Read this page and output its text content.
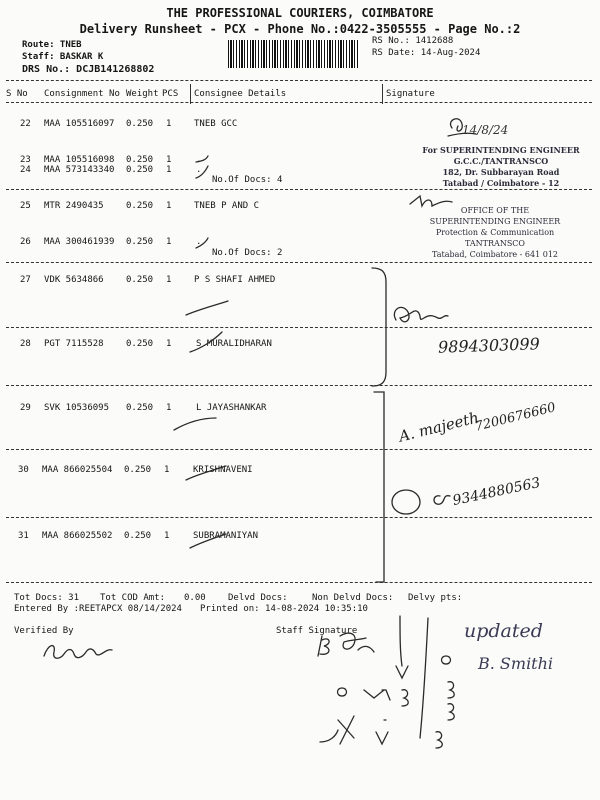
THE PROFESSIONAL COURIERS, COIMBATORE
Delivery Runsheet - PCX - Phone No.:0422-3505555 - Page No.:2
Route: TNEB
Staff: BASKAR K
DRS No.: DCJB141268802
RS No.: 1412688
RS Date: 14-Aug-2024
S No Consignment No Weight PCS Consignee Details	Signature
22 MAA 105516097 0.250 1	TNEB GCC
23 MAA 105516098 0.250 1	.
24 MAA 573143340 0.250 1	.
No.Of Docs: 4
25 MTR 2490435 0.250 1	TNEB P AND C
26 MAA 300461939 0.250 1	.
No.Of Docs: 2
27 VDK 5634866 0.250 1	P S SHAFI AHMED
28 PGT 7115528 0.250 1	S MURALIDHARAN
29 SVK 10536095 0.250 1	L JAYASHANKAR
30 MAA 866025504 0.250 1	KRISHNAVENI
31 MAA 866025502 0.250 1	SUBRAMANIYAN
Tot Docs: 31 Tot COD Amt: 0.00 Delvd Docs:	Non Delvd Docs: Delvy pts:
Entered By :REETAPCX 08/14/2024 Printed on: 14-08-2024 10:35:10
Verified By	Staff Signature
For SUPERINTENDING ENGINEER
G.C.C./TANTRANSCO
182, Dr. Subbarayan Road
Tatabad / Coimbatore - 12
OFFICE OF THE
SUPERINTENDING ENGINEER
Protection & Communication
TANTRANSCO
Tatabad, Coimbatore - 641 012
14/8/24
9894303099
A. majeeth
7200676660
9344880563
updated
B. Smithi
